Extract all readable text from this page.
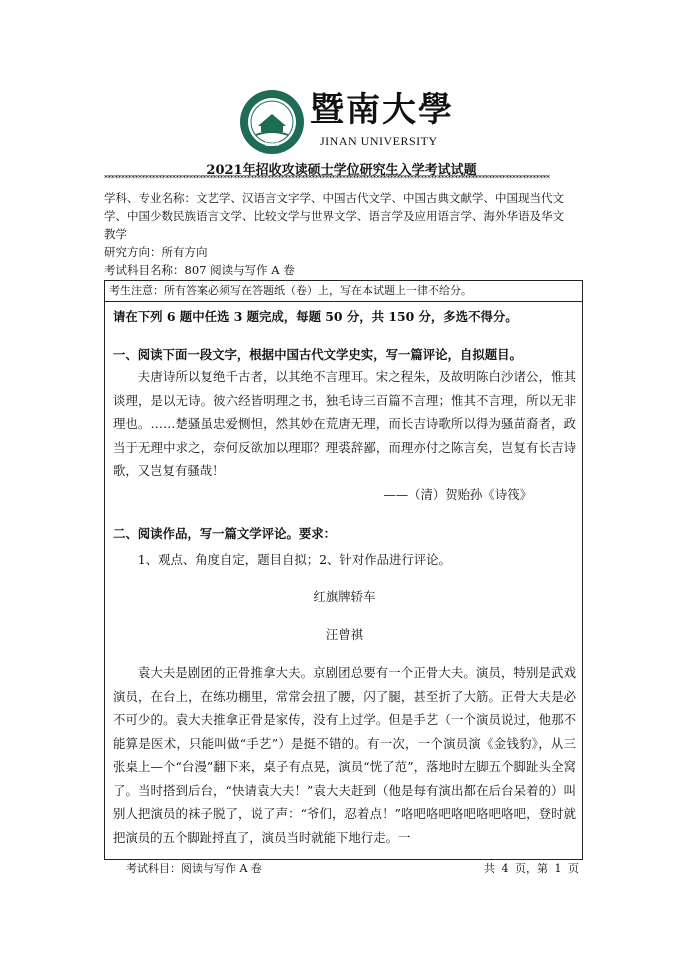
1906
暨南大學
JINAN UNIVERSITY
2021年招收攻读硕士学位研究生入学考试试题
***********************************************************************************************************************************
学科、专业名称：文艺学、汉语言文字学、中国古代文学、中国古典文献学、中国现当代文
学、中国少数民族语言文学、比较文学与世界文学、语言学及应用语言学、海外华语及华文
教学
研究方向：所有方向
考试科目名称：807 阅读与写作 A 卷
考生注意：所有答案必须写在答题纸（卷）上，写在本试题上一律不给分。
请在下列 6 题中任选 3 题完成，每题 50 分，共 150 分，多选不得分。
一、阅读下面一段文字，根据中国古代文学史实，写一篇评论，自拟题目。
夫唐诗所以复绝千古者，以其绝不言理耳。宋之程朱，及故明陈白沙诸公，惟其谈理，是以无诗。彼六经皆明理之书，独毛诗三百篇不言理；惟其不言理，所以无非理也。……楚骚虽忠爱恻怛，然其妙在荒唐无理，而长吉诗歌所以得为骚苗裔者，政当于无理中求之，奈何反欲加以理耶？理裘辞鄙，而理亦付之陈言矣，岂复有长吉诗歌，又岂复有骚哉！
——（清）贺贻孙《诗筏》
二、阅读作品，写一篇文学评论。要求：
1、观点、角度自定，题目自拟；2、针对作品进行评论。
红旗牌轿车
汪曾祺
袁大夫是剧团的正骨推拿大夫。京剧团总要有一个正骨大夫。演员，特别是武戏演员，在台上，在练功棚里，常常会扭了腰，闪了腿，甚至折了大筋。正骨大夫是必不可少的。袁大夫推拿正骨是家传，没有上过学。但是手艺（一个演员说过，他那不能算是医术，只能叫做“手艺”）是挺不错的。有一次，一个演员演《金钱豹》，从三张桌上—个“台漫”翻下来，桌子有点晃，演员“恍了范”，落地时左脚五个脚趾头全窝了。当时搭到后台，“快请袁大夫！”袁大夫赶到（他是每有演出都在后台呆着的）叫别人把演员的袜子脱了，说了声：“爷们，忍着点！”咯吧咯吧咯吧咯吧咯吧，登时就把演员的五个脚趾捋直了，演员当时就能下地行走。一
考试科目：阅读与写作 A 卷	共 4 页，第 1 页
